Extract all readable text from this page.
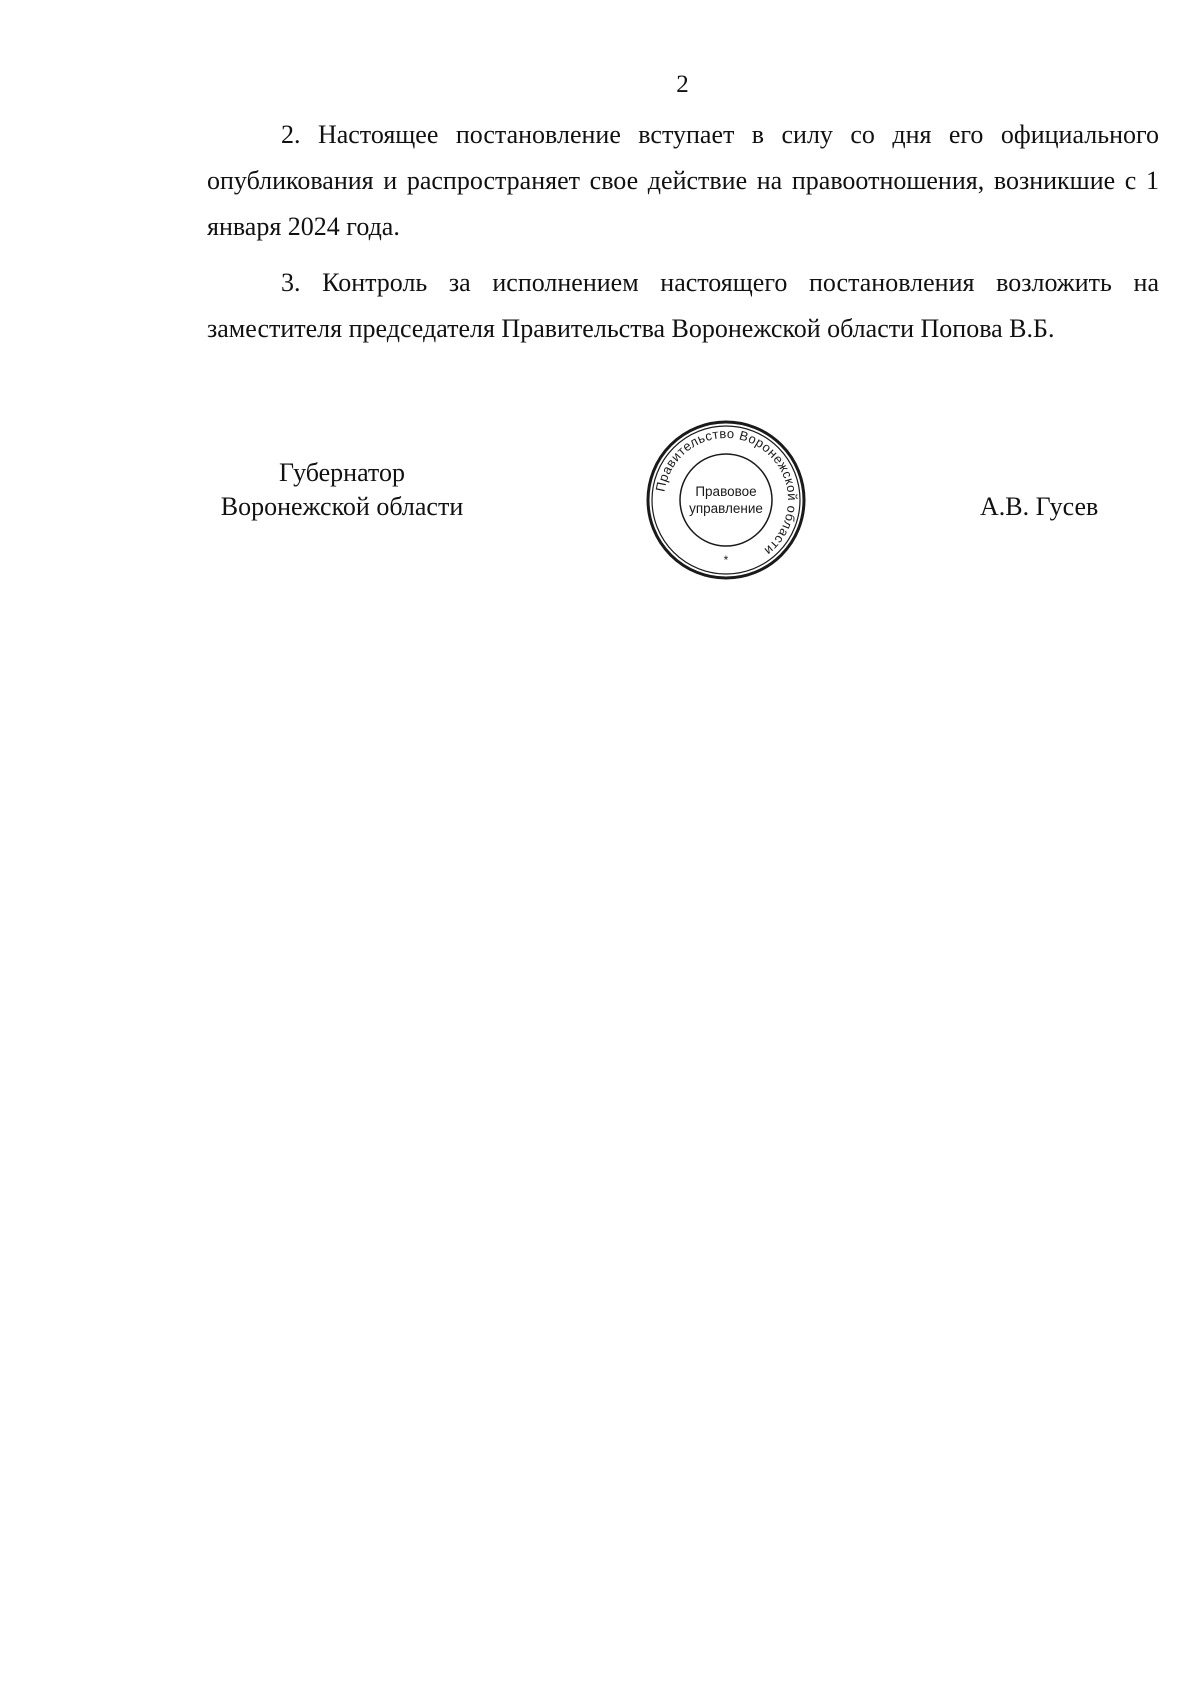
2

2. Настоящее постановление вступает в силу со дня его официального опубликования и распространяет свое действие на правоотношения, возникшие с 1 января 2024 года.

3. Контроль за исполнением настоящего постановления возложить на заместителя председателя Правительства Воронежской области Попова В.Б.

Губернатор
Воронежской области
Правительство Воронежской области
Правовое
управление
*
А.В. Гусев
